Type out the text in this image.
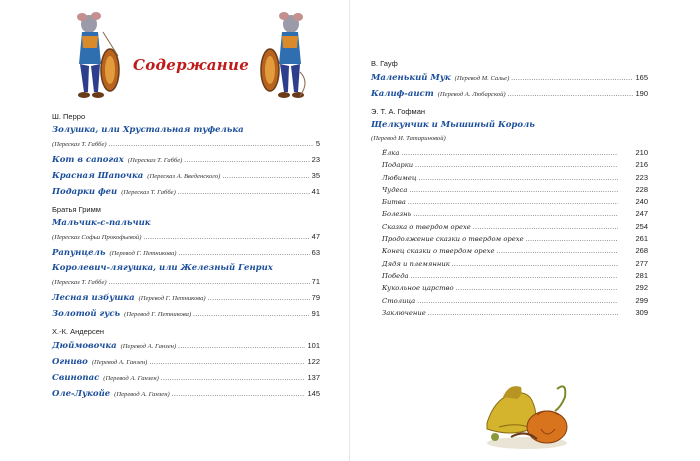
Содержание
Ш. Перро
Золушка, или Хрустальная туфелька
(Пересказ Т. Габбе) .....	5
Кот в сапогах (Пересказ Т. Габбе) .....	23
Красная Шапочка (Пересказ А. Введенского) .....	35
Подарки феи (Пересказ Т. Габбе) .....	41
Братья Гримм
Мальчик-с-пальчик
(Пересказ Софьи Прокофьевой) .....	47
Рапунцель (Перевод Г. Петникова) .....	63
Королевич-лягушка, или Железный Генрих
(Пересказ Т. Габбе) .....	71
Лесная избушка (Перевод Г. Петникова) .....	79
Золотой гусь (Перевод Г. Петникова) .....	91
Х.-К. Андерсен
Дюймовочка (Перевод А. Ганзен) .....	101
Огниво (Перевод А. Ганзен) .....	122
Свинопас (Перевод А. Ганзен) .....	137
Оле-Лукойе (Перевод А. Ганзен) .....	145
В. Гауф
Маленький Мук (Перевод М. Сальe) .....	165
Калиф-аист (Перевод А. Любарской) .....	190
Э. Т. А. Гофман
Щелкунчик и Мышиный Король
(Перевод И. Татариновой)
Ёлка .....	210
Подарки .....	216
Любимец .....	223
Чудеса .....	228
Битва .....	240
Болезнь .....	247
Сказка о твердом орехе .....	254
Продолжение сказки о твердом орехе .....	261
Конец сказки о твердом орехе .....	268
Дядя и племянник .....	277
Победа .....	281
Кукольное царство .....	292
Столица .....	299
Заключение .....	309
